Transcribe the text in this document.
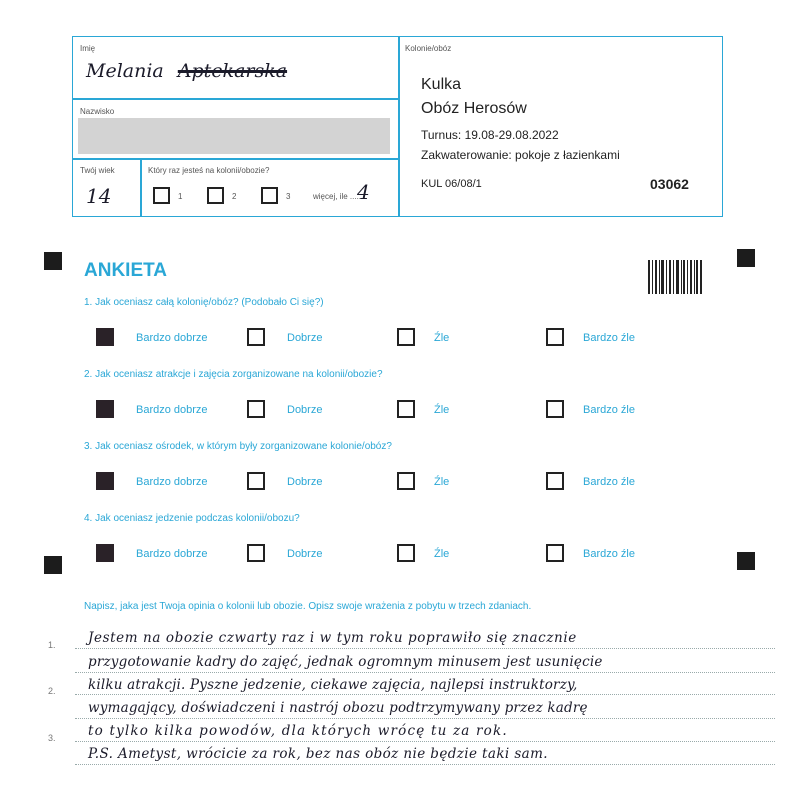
Imię
Melania Aptekarska
Nazwisko
Twój wiek
14
Który raz jesteś na kolonii/obozie?
1	2	3	więcej, ile .......
4
Kolonie/obóz
Kulka
Obóz Herosów
Turnus: 19.08-29.08.2022
Zakwaterowanie: pokoje z łazienkami
KUL 06/08/1	03062
ANKIETA
1. Jak oceniasz całą kolonię/obóz? (Podobało Ci się?)
Bardzo dobrze	Dobrze	Źle	Bardzo źle
2. Jak oceniasz atrakcje i zajęcia zorganizowane na kolonii/obozie?
Bardzo dobrze	Dobrze	Źle	Bardzo źle
3. Jak oceniasz ośrodek, w którym były zorganizowane kolonie/obóz?
Bardzo dobrze	Dobrze	Źle	Bardzo źle
4. Jak oceniasz jedzenie podczas kolonii/obozu?
Bardzo dobrze	Dobrze	Źle	Bardzo źle
Napisz, jaka jest Twoja opinia o kolonii lub obozie. Opisz swoje wrażenia z pobytu w trzech zdaniach.
1.
2.
3.
Jestem na obozie czwarty raz i w tym roku poprawiło się znacznie
przygotowanie kadry do zajęć, jednak ogromnym minusem jest usunięcie
kilku atrakcji. Pyszne jedzenie, ciekawe zajęcia, najlepsi instruktorzy,
wymagający, doświadczeni i nastrój obozu podtrzymywany przez kadrę
to tylko kilka powodów, dla których wrócę tu za rok.
P.S. Ametyst, wrócicie za rok, bez nas obóz nie będzie taki sam.
